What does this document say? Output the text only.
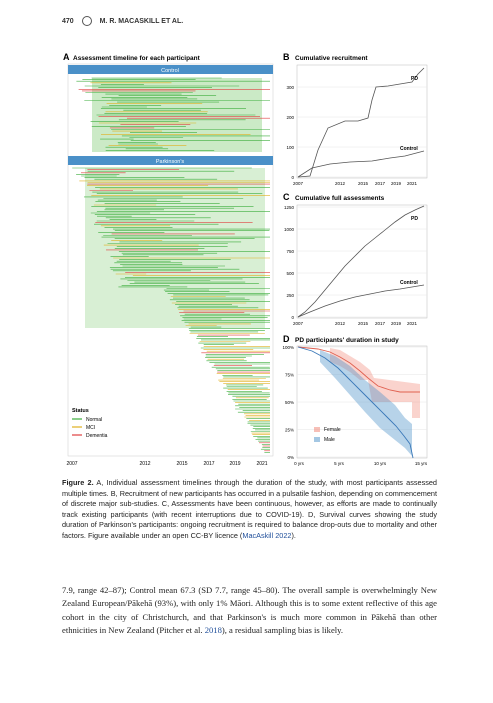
470	M. R. MACASKILL ET AL.
A Assessment timeline for each participant
Control
Parkinson's
Status
Normal
MCI
Dementia
2007	2012	2015	2017	2019	2021
B Cumulative recruitment
0
100
200
300
2007	2012	2015 2017 2019 2021
PD
Control
C Cumulative full assessments
0
250
500
750
1000
1250
2007	2012	2015 2017 2019 2021
PD
Control
D PD participants' duration in study
0%
25%
50%
75%
100%
0 yrs	5 yrs	10 yrs	15 yrs
Female
Male
Figure 2. A, Individual assessment timelines through the duration of the study, with most participants assessed multiple times. B, Recruitment of new participants has occurred in a pulsatile fashion, depending on commencement of discrete major sub-studies. C, Assessments have been continuous, however, as efforts are made to continually track existing participants (with recent interruptions due to COVID-19). D, Survival curves showing the study duration of Parkinson's participants: ongoing recruitment is required to balance drop-outs due to mortality and other factors. Figure available under an open CC-BY licence (MacAskill 2022).
7.9, range 42–87); Control mean 67.3 (SD 7.7, range 45–80). The overall sample is overwhelmingly New Zealand European/Pākehā (93%), with only 1% Māori. Although this is to some extent reflective of this age cohort in the city of Christchurch, and that Parkinson's is much more common in Pākehā than other ethnicities in New Zealand (Pitcher et al. 2018), a residual sampling bias is likely.
